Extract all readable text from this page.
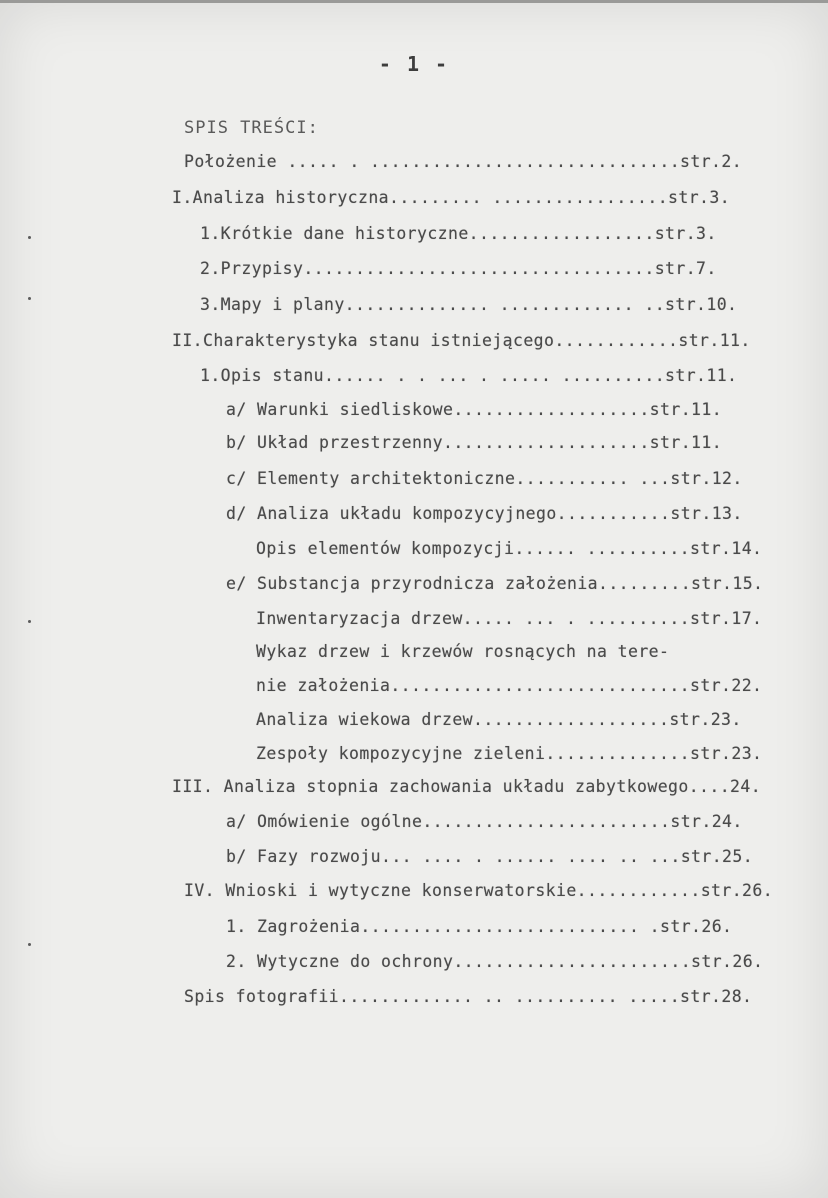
- 1 -
SPIS TREŚCI:
Położenie ..... . ..............................str.2.
I.Analiza historyczna......... .................str.3.
1.Krótkie dane historyczne..................str.3.
2.Przypisy..................................str.7.
3.Mapy i plany.............. ............. ..str.10.
II.Charakterystyka stanu istniejącego............str.11.
1.Opis stanu...... . . ... . ..... ..........str.11.
a/ Warunki siedliskowe...................str.11.
b/ Układ przestrzenny....................str.11.
c/ Elementy architektoniczne........... ...str.12.
d/ Analiza układu kompozycyjnego...........str.13.
Opis elementów kompozycji...... ..........str.14.
e/ Substancja przyrodnicza założenia.........str.15.
Inwentaryzacja drzew..... ... . ..........str.17.
Wykaz drzew i krzewów rosnących na tere-
nie założenia.............................str.22.
Analiza wiekowa drzew...................str.23.
Zespoły kompozycyjne zieleni..............str.23.
III. Analiza stopnia zachowania układu zabytkowego....24.
a/ Omówienie ogólne........................str.24.
b/ Fazy rozwoju... .... . ...... .... .. ...str.25.
IV. Wnioski i wytyczne konserwatorskie............str.26.
1. Zagrożenia........................... .str.26.
2. Wytyczne do ochrony.......................str.26.
Spis fotografii............. .. .......... .....str.28.
